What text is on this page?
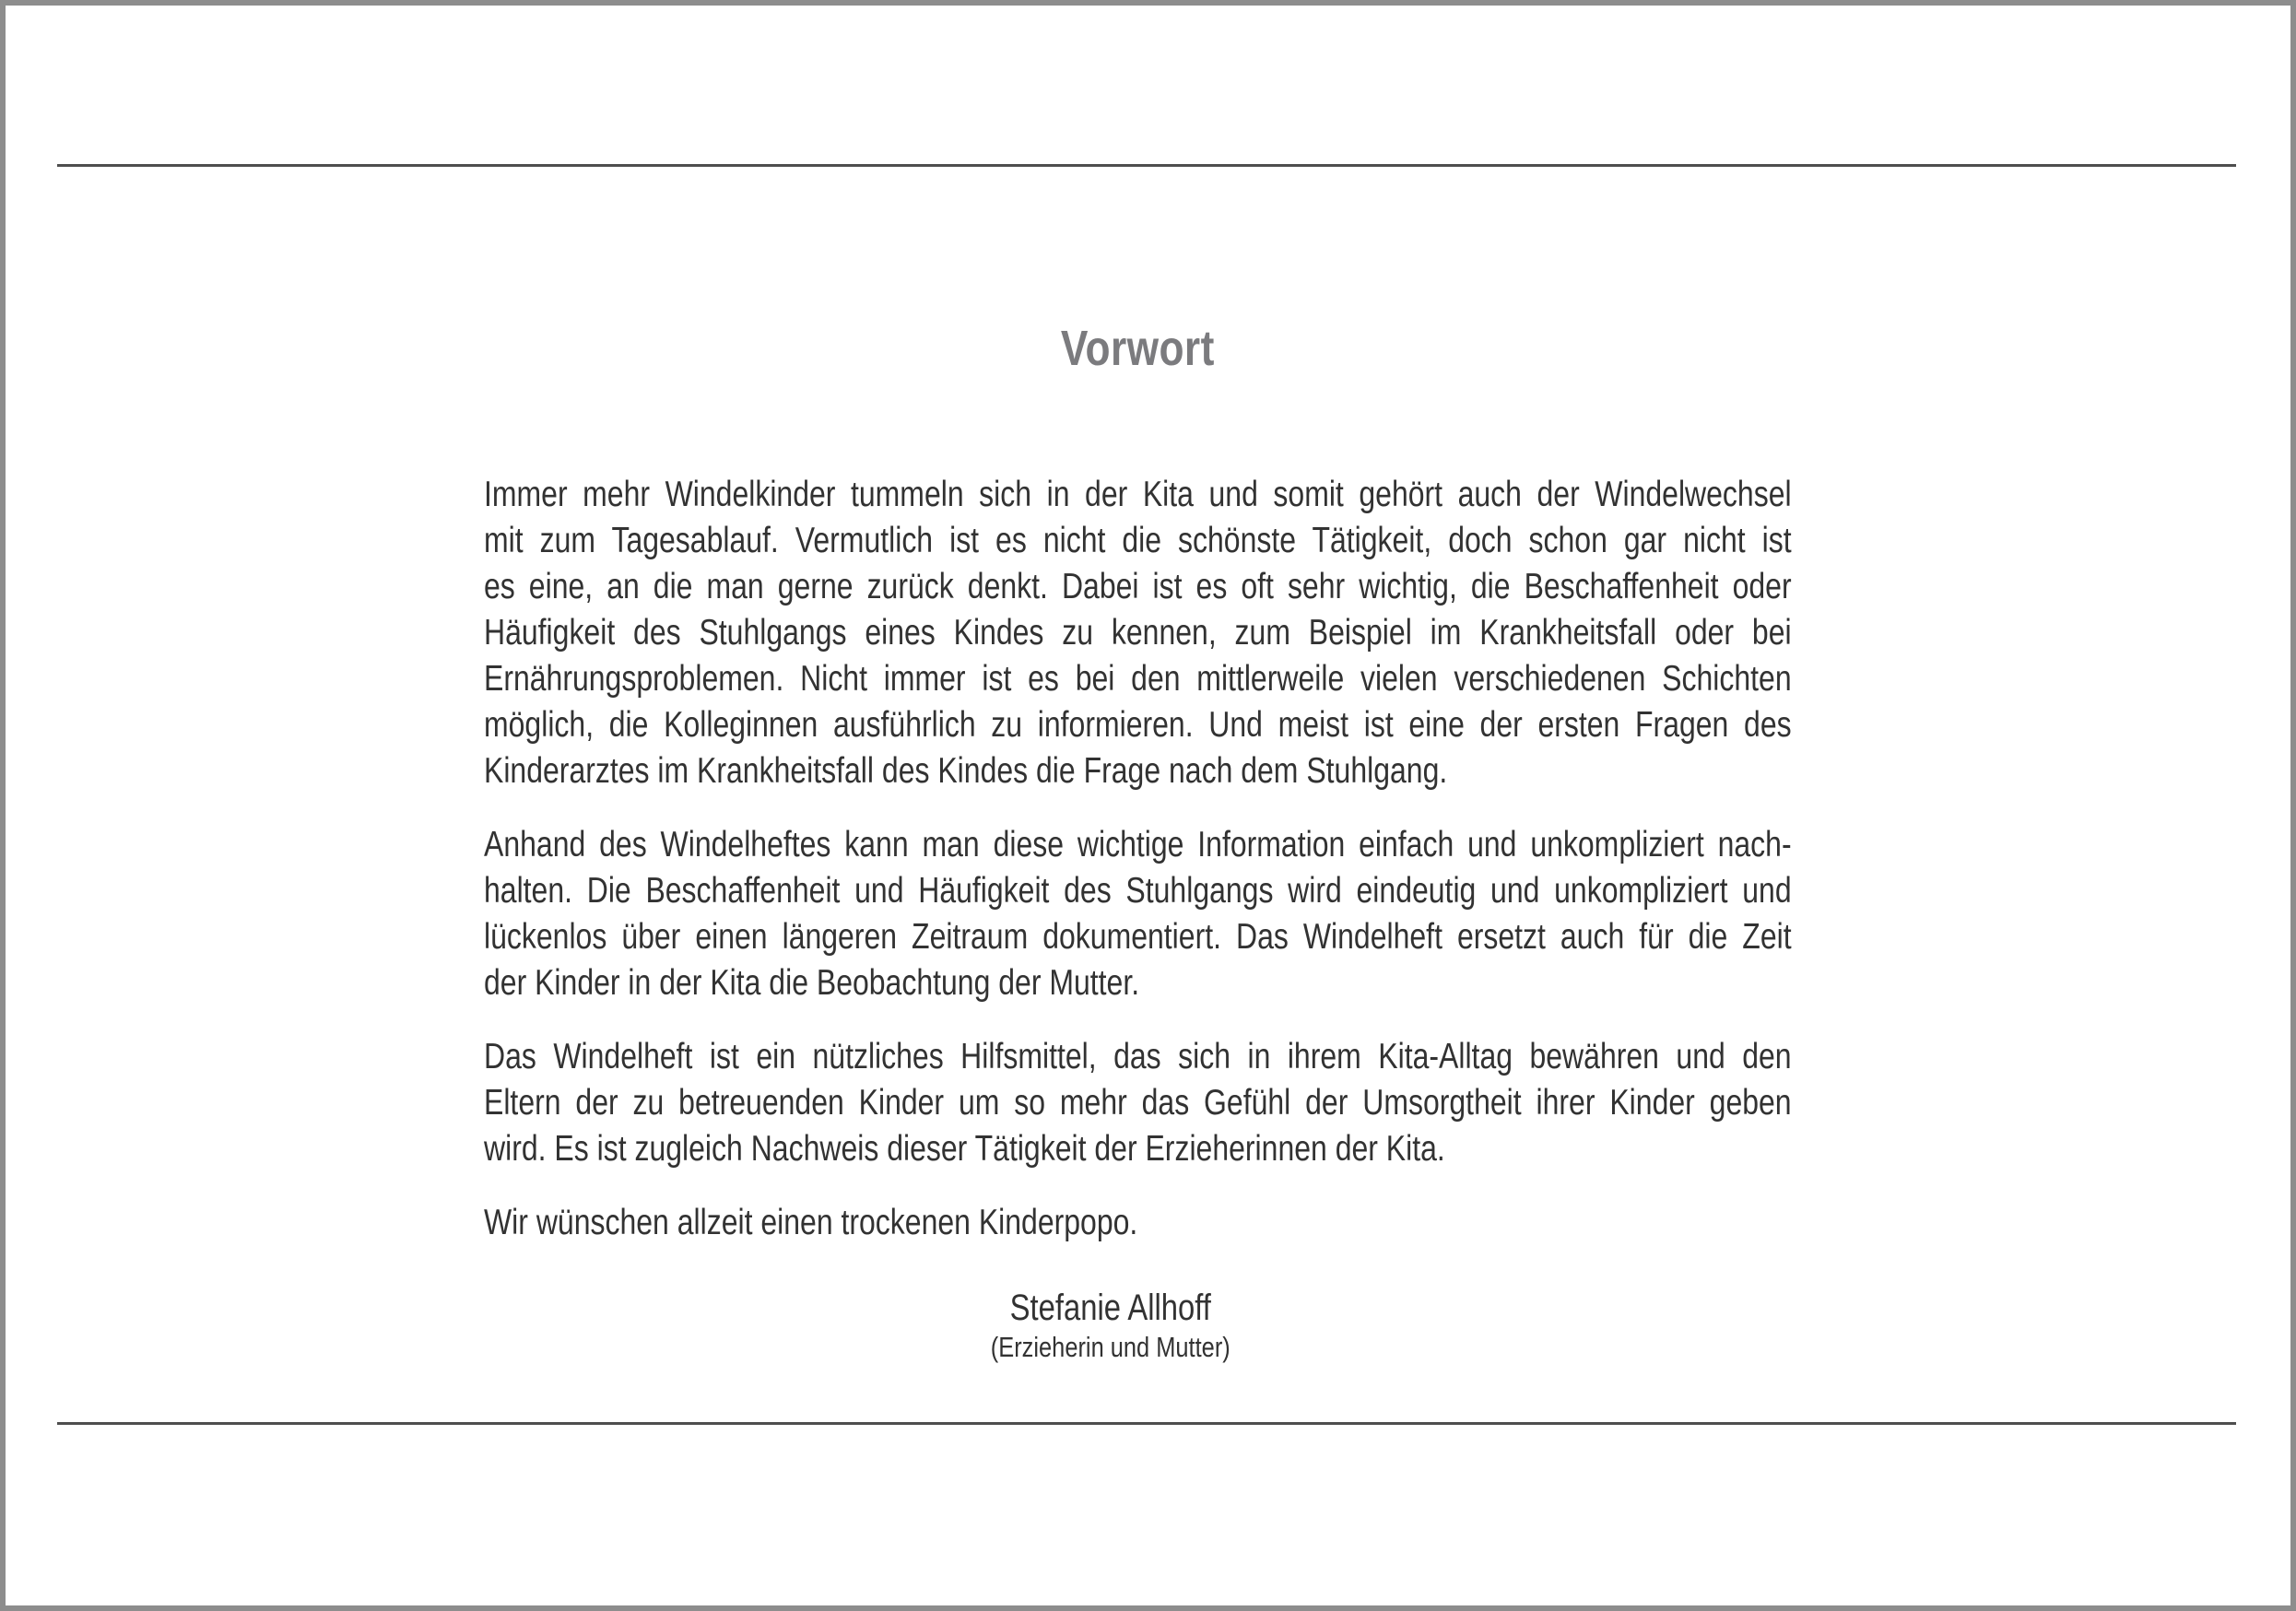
Vorwort

Immer mehr Windelkinder tummeln sich in der Kita und somit gehört auch der Windelwechsel
mit zum Tagesablauf. Vermutlich ist es nicht die schönste Tätigkeit, doch schon gar nicht ist
es eine, an die man gerne zurück denkt. Dabei ist es oft sehr wichtig, die Beschaffenheit oder
Häufigkeit des Stuhlgangs eines Kindes zu kennen, zum Beispiel im Krankheitsfall oder bei
Ernährungsproblemen. Nicht immer ist es bei den mittlerweile vielen verschiedenen Schichten
möglich, die Kolleginnen ausführlich zu informieren. Und meist ist eine der ersten Fragen des
Kinderarztes im Krankheitsfall des Kindes die Frage nach dem Stuhlgang.

Anhand des Windelheftes kann man diese wichtige Information einfach und unkompliziert nach-
halten. Die Beschaffenheit und Häufigkeit des Stuhlgangs wird eindeutig und unkompliziert und
lückenlos über einen längeren Zeitraum dokumentiert. Das Windelheft ersetzt auch für die Zeit
der Kinder in der Kita die Beobachtung der Mutter.

Das Windelheft ist ein nützliches Hilfsmittel, das sich in ihrem Kita-Alltag bewähren und den
Eltern der zu betreuenden Kinder um so mehr das Gefühl der Umsorgtheit ihrer Kinder geben
wird. Es ist zugleich Nachweis dieser Tätigkeit der Erzieherinnen der Kita.

Wir wünschen allzeit einen trockenen Kinderpopo.

Stefanie Allhoff
(Erzieherin und Mutter)
